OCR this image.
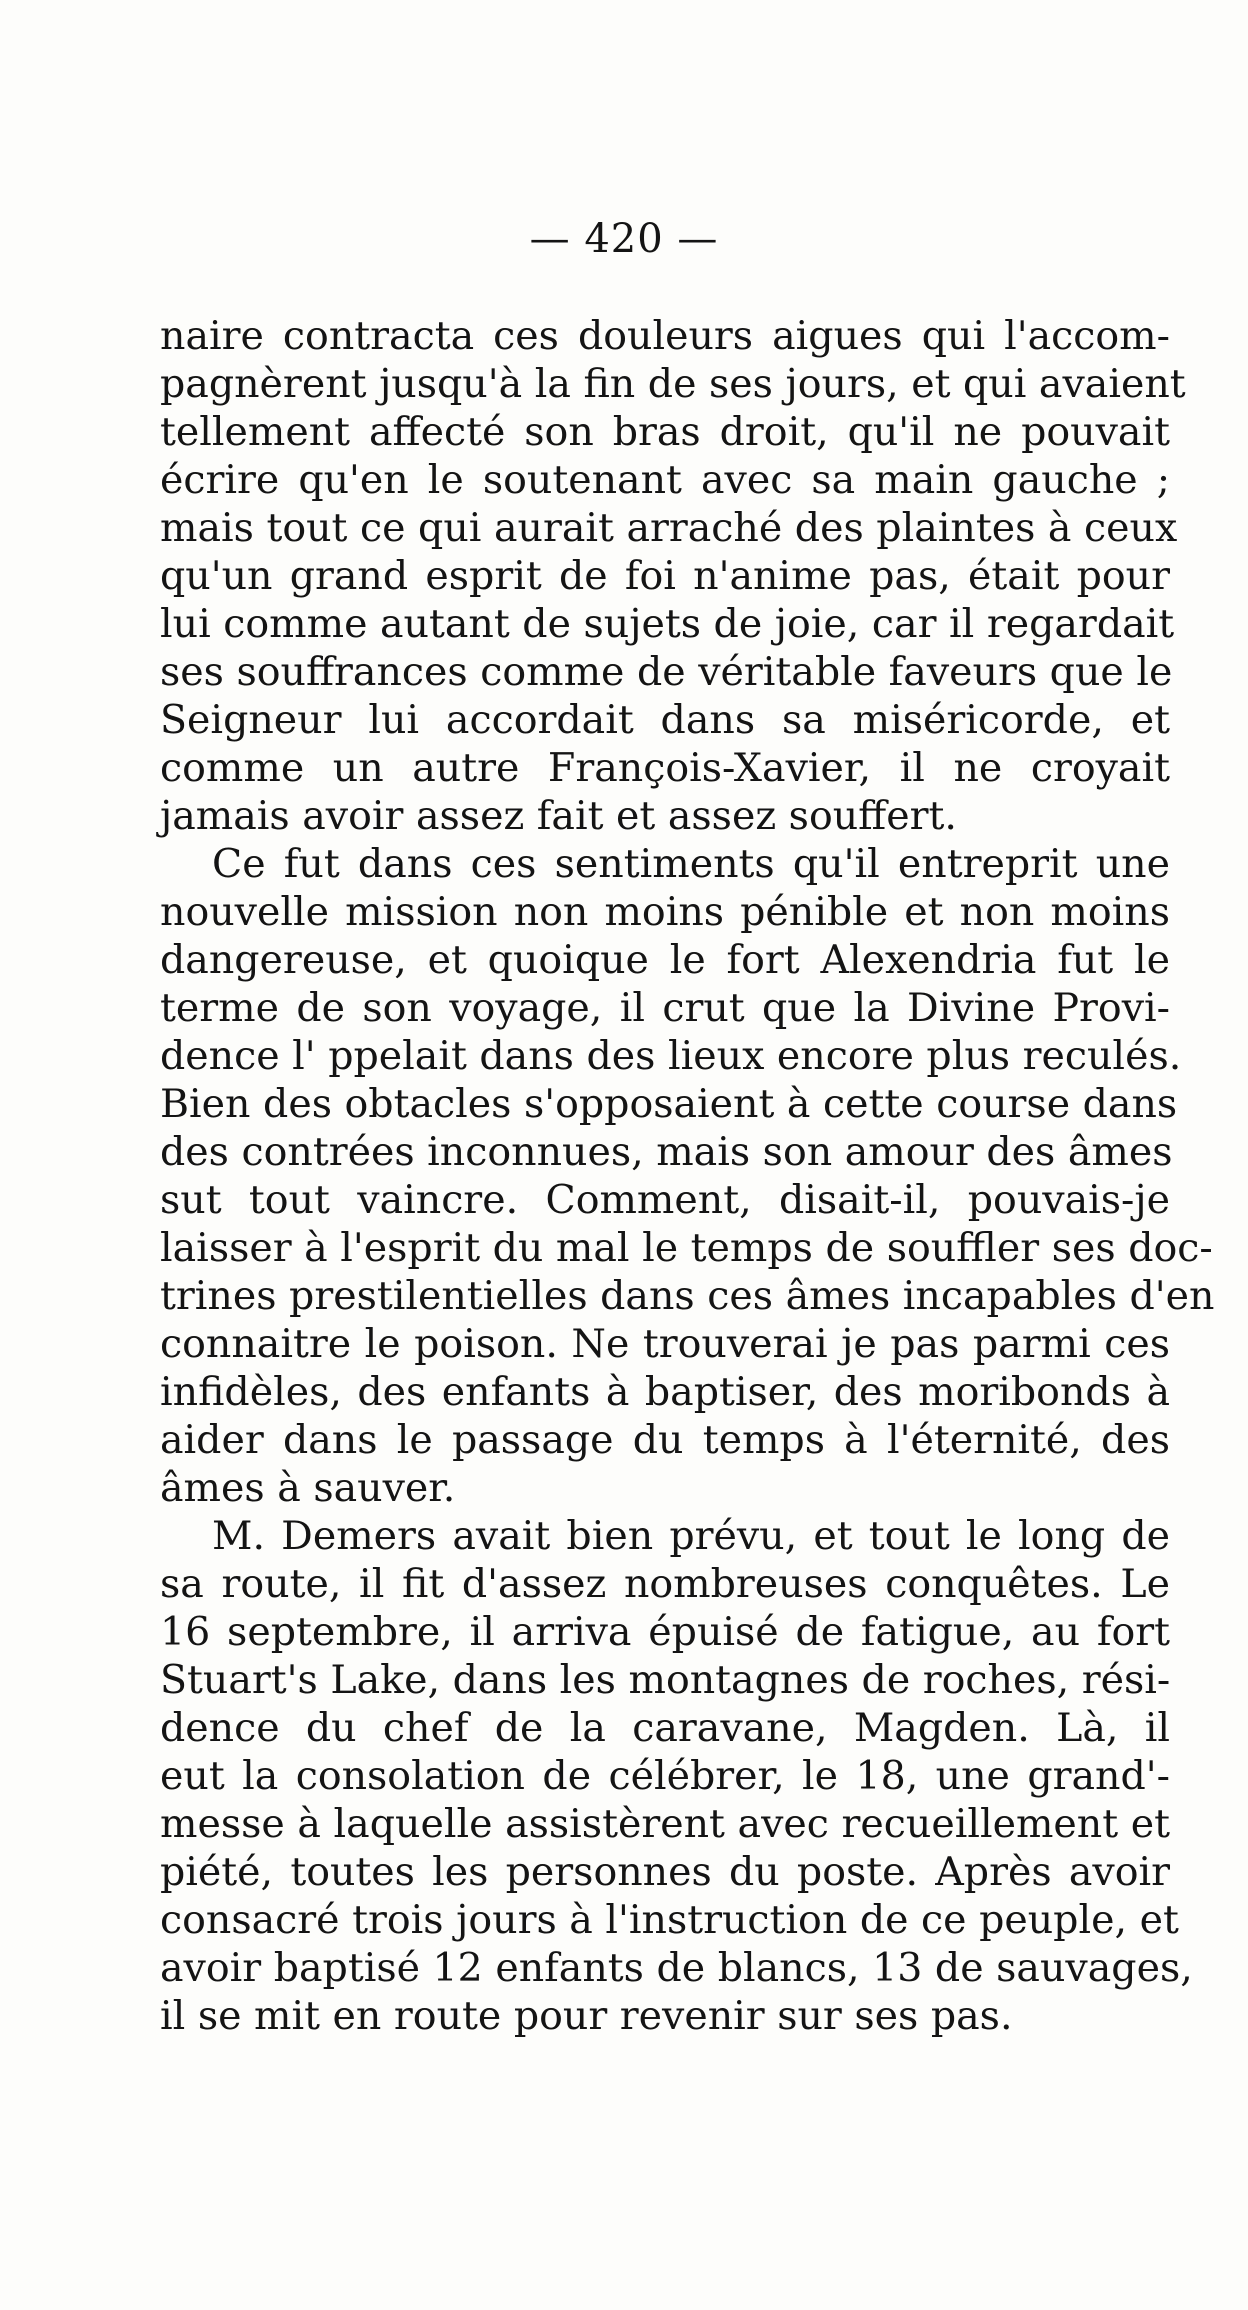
— 420 —
naire contracta ces douleurs aigues qui l'accom-
pagnèrent jusqu'à la fin de ses jours, et qui avaient
tellement affecté son bras droit, qu'il ne pouvait
écrire qu'en le soutenant avec sa main gauche ;
mais tout ce qui aurait arraché des plaintes à ceux
qu'un grand esprit de foi n'anime pas, était pour
lui comme autant de sujets de joie, car il regardait
ses souffrances comme de véritable faveurs que le
Seigneur lui accordait dans sa miséricorde, et
comme un autre François-Xavier, il ne croyait
jamais avoir assez fait et assez souffert.
Ce fut dans ces sentiments qu'il entreprit une
nouvelle mission non moins pénible et non moins
dangereuse, et quoique le fort Alexendria fut le
terme de son voyage, il crut que la Divine Provi-
dence l' ppelait dans des lieux encore plus reculés.
Bien des obtacles s'opposaient à cette course dans
des contrées inconnues, mais son amour des âmes
sut tout vaincre. Comment, disait-il, pouvais-je
laisser à l'esprit du mal le temps de souffler ses doc-
trines prestilentielles dans ces âmes incapables d'en
connaitre le poison. Ne trouverai je pas parmi ces
infidèles, des enfants à baptiser, des moribonds à
aider dans le passage du temps à l'éternité, des
âmes à sauver.
M. Demers avait bien prévu, et tout le long de
sa route, il fit d'assez nombreuses conquêtes. Le
16 septembre, il arriva épuisé de fatigue, au fort
Stuart's Lake, dans les montagnes de roches, rési-
dence du chef de la caravane, Magden. Là, il
eut la consolation de célébrer, le 18, une grand'-
messe à laquelle assistèrent avec recueillement et
piété, toutes les personnes du poste. Après avoir
consacré trois jours à l'instruction de ce peuple, et
avoir baptisé 12 enfants de blancs, 13 de sauvages,
il se mit en route pour revenir sur ses pas.
